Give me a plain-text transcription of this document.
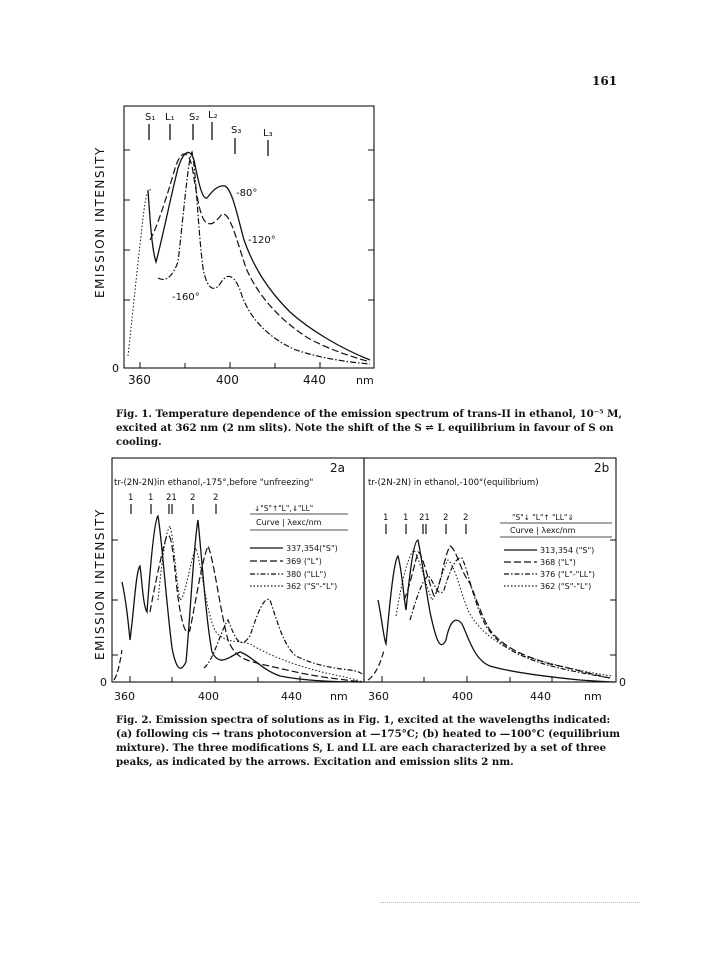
161
EMISSION INTENSITY
0
360	400	440	nm
S₁ L₁ S₂ L₂
S₃ L₃
-80°
-120°
-160°
Fig. 1. Temperature dependence of the emission spectrum of trans-II in ethanol, 10⁻⁵ M, excited at 362 nm (2 nm slits). Note the shift of the S ⇌ L equilibrium in favour of S on cooling.
EMISSION INTENSITY
0	0
2a
tr-(2N-2N)in ethanol,-175°,before "unfreezing"
1 1 21 2 2
↓"S"↑"L",⇓"LL"
Curve | λexc/nm
337,354("S")
369 ("L")
380 ("LL")
362 ("S"-"L")
360	400	440	nm
2b
tr-(2N-2N) in ethanol,-100°(equilibrium)
1 1 21 2 2	"S"↓ "L"↑ "LL"⇓
Curve | λexc/nm
313,354 ("S")
368 ("L")
376 ("L"-"LL")
362 ("S"-"L")
360	400	440	nm
Fig. 2. Emission spectra of solutions as in Fig. 1, excited at the wavelengths indicated: (a) following cis → trans photoconversion at —175°C; (b) heated to —100°C (equilibrium mixture). The three modifications S, L and LL are each characterized by a set of three peaks, as indicated by the arrows. Excitation and emission slits 2 nm.
